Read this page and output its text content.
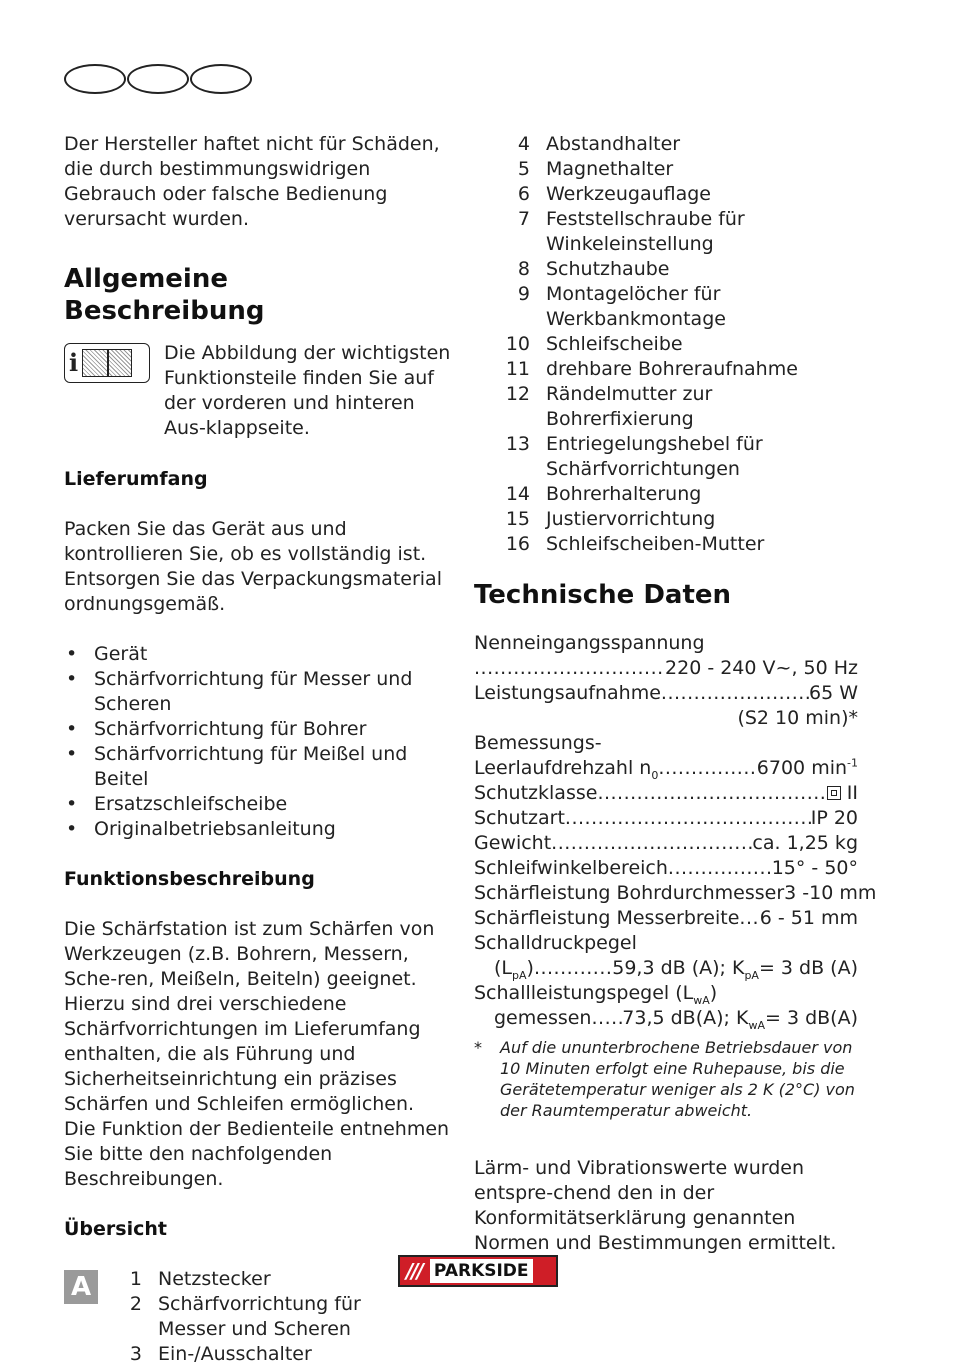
Der Hersteller haftet nicht für Schäden, die durch bestimmungswidrigen Gebrauch oder falsche Bedienung verursacht wurden.

Allgemeine
Beschreibung
i	Die Abbildung der wichtigsten Funktionsteile finden Sie auf der vorderen und hinteren Aus-klappseite.

Lieferumfang

Packen Sie das Gerät aus und kontrollieren Sie, ob es vollständig ist. Entsorgen Sie das Verpackungsmaterial ordnungsgemäß.

• Gerät
• Schärfvorrichtung für Messer und Scheren
• Schärfvorrichtung für Bohrer
• Schärfvorrichtung für Meißel und Beitel
• Ersatzschleifscheibe
• Originalbetriebsanleitung
Funktionsbeschreibung

Die Schärfstation ist zum Schärfen von Werkzeugen (z.B. Bohrern, Messern, Sche-ren, Meißeln, Beiteln) geeignet. Hierzu sind drei verschiedene Schärfvorrichtungen im Lieferumfang enthalten, die als Führung und Sicherheitseinrichtung ein präzises Schärfen und Schleifen ermöglichen.

Die Funktion der Bedienteile entnehmen Sie bitte den nachfolgenden Beschreibungen.

Übersicht
A	1 Netzstecker
2 Schärfvorrichtung für Messer und Scheren
3 Ein-/Ausschalter
4 Abstandhalter
5 Magnethalter
6 Werkzeugauflage
7 Feststellschraube für Winkeleinstellung
8 Schutzhaube
9 Montagelöcher für Werkbankmontage
10 Schleifscheibe
11 drehbare Bohreraufnahme
12 Rändelmutter zur Bohrerfixierung
13 Entriegelungshebel für Schärfvorrichtungen
14 Bohrerhalterung
15 Justiervorrichtung
16 Schleifscheiben-Mutter
Technische Daten
Nenneingangsspannung
.....
220 - 240 V~, 50 Hz
Leistungsaufnahme .....	65 W
(S2 10 min)*
Bemessungs-
Leerlaufdrehzahl $n_0$ .....	6700 $\min^{-1}$
Schutzklasse .....	II
Schutzart .....	IP 20
Gewicht .....	ca. 1,25 kg
Schleifwinkelbereich .....	15° - 50°
Schärfleistung Bohrdurchmesser 3 -10 mm
Schärfleistung Messerbreite ..... 6 - 51 mm
Schalldruckpegel
$(L_{pA})$ .....	59,3 dB (A); $K_{pA}= 3$ dB (A)
Schallleistungspegel $(L_{wA})$
gemessen ..... 73,5 dB(A); $K_{wA}= 3$ dB(A)
*	Auf die ununterbrochene Betriebsdauer von 10 Minuten erfolgt eine Ruhepause, bis die Gerätetemperatur weniger als 2 K (2°C) von der Raumtemperatur abweicht.

Lärm- und Vibrationswerte wurden entspre-chend den in der Konformitätserklärung genannten Normen und Bestimmungen ermittelt.

/// PARKSIDE
